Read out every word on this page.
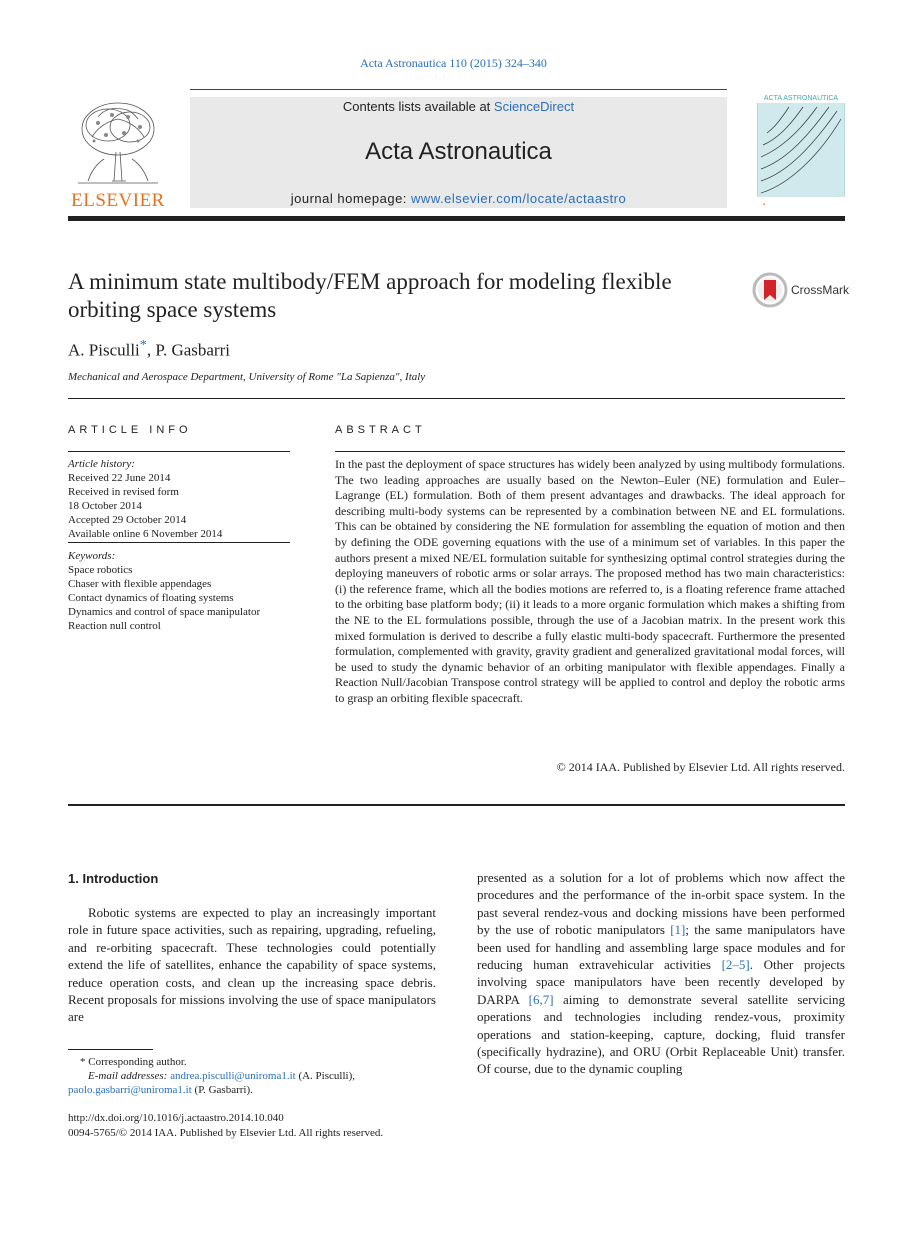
Acta Astronautica 110 (2015) 324–340
Contents lists available at ScienceDirect
Acta Astronautica
journal homepage: www.elsevier.com/locate/actaastro
ELSEVIER
ACTA ASTRONAUTICA
▪
A minimum state multibody/FEM approach for modeling flexible orbiting space systems
CrossMark
A. Pisculli*, P. Gasbarri
Mechanical and Aerospace Department, University of Rome "La Sapienza", Italy
ARTICLE INFO
Article history:
Received 22 June 2014
Received in revised form
18 October 2014
Accepted 29 October 2014
Available online 6 November 2014
Keywords:
Space robotics
Chaser with flexible appendages
Contact dynamics of floating systems
Dynamics and control of space manipulator
Reaction null control
ABSTRACT
In the past the deployment of space structures has widely been analyzed by using multibody formulations. The two leading approaches are usually based on the Newton–Euler (NE) formulation and Euler–Lagrange (EL) formulation. Both of them present advantages and drawbacks. The ideal approach for describing multi-body systems can be represented by a combination between NE and EL formulations. This can be obtained by considering the NE formulation for assembling the equation of motion and then by defining the ODE governing equations with the use of a minimum set of variables. In this paper the authors present a mixed NE/EL formulation suitable for synthesizing optimal control strategies during the deploying maneuvers of robotic arms or solar arrays. The proposed method has two main characteristics: (i) the reference frame, which all the bodies motions are referred to, is a floating reference frame attached to the orbiting base platform body; (ii) it leads to a more organic formulation which makes a shifting from the NE to the EL formulations possible, through the use of a Jacobian matrix. In the present work this mixed formulation is derived to describe a fully elastic multi-body spacecraft. Furthermore the presented formulation, complemented with gravity, gravity gradient and generalized gravitational modal forces, will be used to study the dynamic behavior of an orbiting manipulator with flexible appendages. Finally a Reaction Null/Jacobian Transpose control strategy will be applied to control and deploy the robotic arms to grasp an orbiting flexible spacecraft.
© 2014 IAA. Published by Elsevier Ltd. All rights reserved.
1. Introduction
Robotic systems are expected to play an increasingly important role in future space activities, such as repairing, upgrading, refueling, and re-orbiting spacecraft. These technologies could potentially extend the life of satellites, enhance the capability of space systems, reduce operation costs, and clean up the increasing space debris. Recent proposals for missions involving the use of space manipulators are
presented as a solution for a lot of problems which now affect the procedures and the performance of the in-orbit space system. In the past several rendez-vous and docking missions have been performed by the use of robotic manipulators [1]; the same manipulators have been used for handling and assembling large space modules and for reducing human extravehicular activities [2–5]. Other projects involving space manipulators have been recently developed by DARPA [6,7] aiming to demonstrate several satellite servicing operations and technologies including rendez-vous, proximity operations and station-keeping, capture, docking, fluid transfer (specifically hydrazine), and ORU (Orbit Replaceable Unit) transfer. Of course, due to the dynamic coupling
* Corresponding author.
E-mail addresses: andrea.pisculli@uniroma1.it (A. Pisculli),
paolo.gasbarri@uniroma1.it (P. Gasbarri).
http://dx.doi.org/10.1016/j.actaastro.2014.10.040
0094-5765/© 2014 IAA. Published by Elsevier Ltd. All rights reserved.
